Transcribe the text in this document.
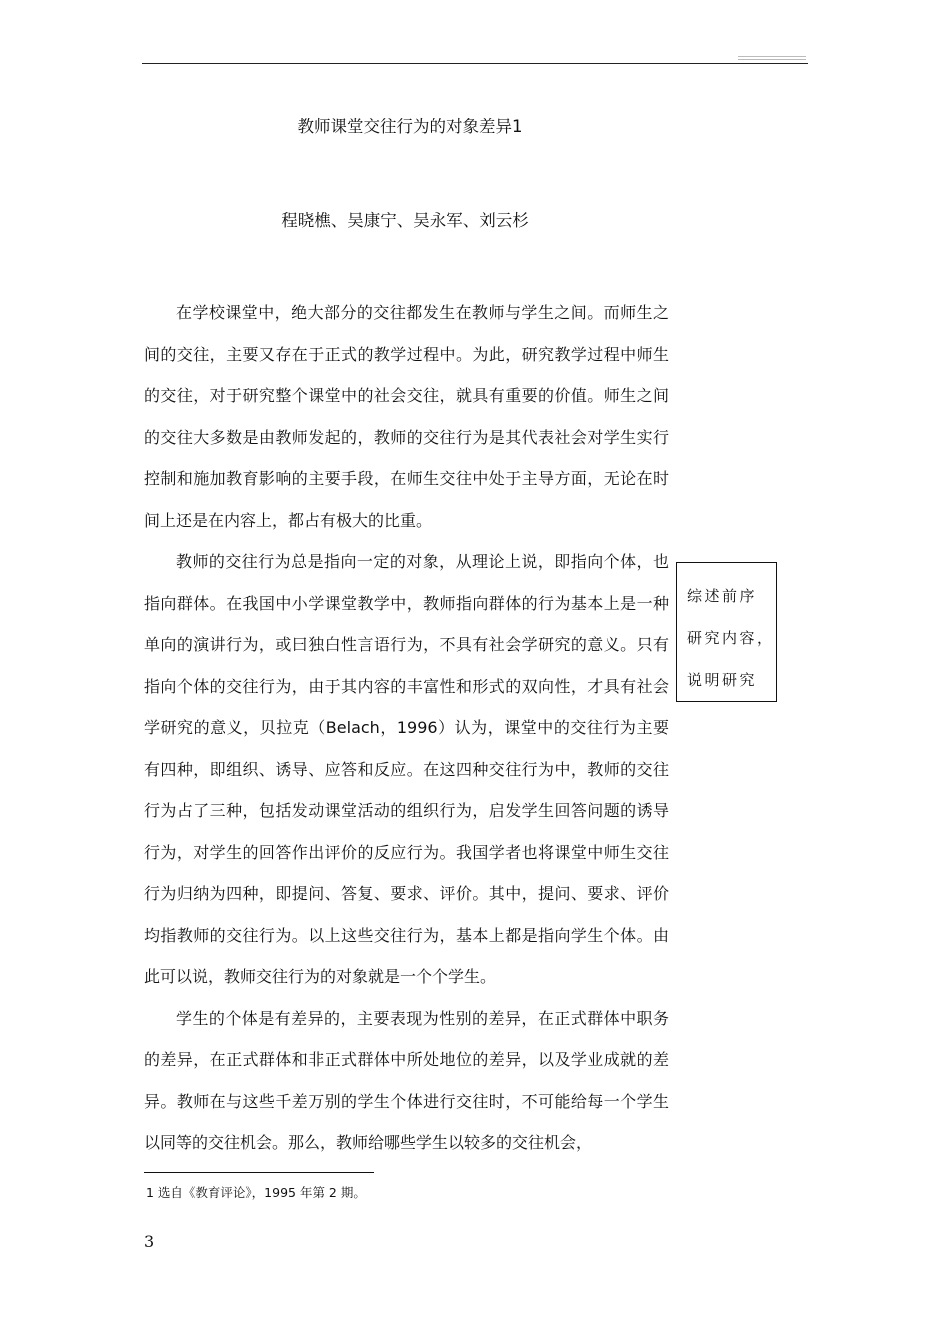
教师课堂交往行为的对象差异1
程晓樵、吴康宁、吴永军、刘云杉

在学校课堂中，绝大部分的交往都发生在教师与学生之间。而师生之间的交往，主要又存在于正式的教学过程中。为此，研究教学过程中师生的交往，对于研究整个课堂中的社会交往，就具有重要的价值。师生之间的交往大多数是由教师发起的，教师的交往行为是其代表社会对学生实行控制和施加教育影响的主要手段，在师生交往中处于主导方面，无论在时间上还是在内容上，都占有极大的比重。

教师的交往行为总是指向一定的对象，从理论上说，即指向个体，也指向群体。在我国中小学课堂教学中，教师指向群体的行为基本上是一种单向的演讲行为，或曰独白性言语行为，不具有社会学研究的意义。只有指向个体的交往行为，由于其内容的丰富性和形式的双向性，才具有社会学研究的意义，贝拉克（Belach，1996）认为，课堂中的交往行为主要有四种，即组织、诱导、应答和反应。在这四种交往行为中，教师的交往行为占了三种，包括发动课堂活动的组织行为，启发学生回答问题的诱导行为，对学生的回答作出评价的反应行为。我国学者也将课堂中师生交往行为归纳为四种，即提问、答复、要求、评价。其中，提问、要求、评价均指教师的交往行为。以上这些交往行为，基本上都是指向学生个体。由此可以说，教师交往行为的对象就是一个个学生。

学生的个体是有差异的，主要表现为性别的差异，在正式群体中职务的差异，在正式群体和非正式群体中所处地位的差异，以及学业成就的差异。教师在与这些千差万别的学生个体进行交往时，不可能给每一个学生以同等的交往机会。那么，教师给哪些学生以较多的交往机会，

综述前序
研究内容，
说明研究
1 选自《教育评论》，1995 年第 2 期。
3
